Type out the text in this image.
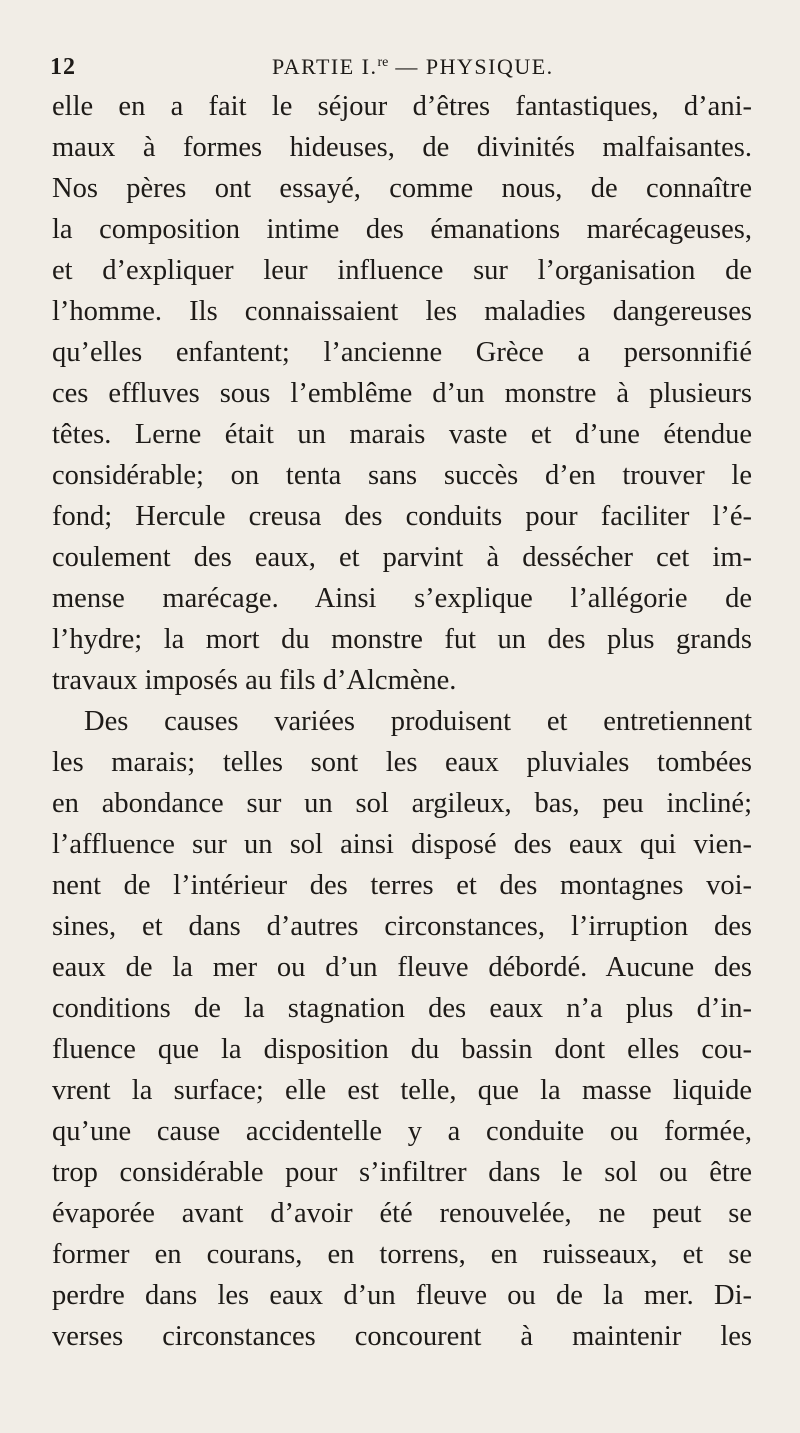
12	PARTIE I.$^{re}$ — PHYSIQUE.
elle en a fait le séjour d’êtres fantastiques, d’ani-
maux à formes hideuses, de divinités malfaisantes.
Nos pères ont essayé, comme nous, de connaître
la composition intime des émanations marécageuses,
et d’expliquer leur influence sur l’organisation de
l’homme. Ils connaissaient les maladies dangereuses
qu’elles enfantent; l’ancienne Grèce a personnifié
ces effluves sous l’emblême d’un monstre à plusieurs
têtes. Lerne était un marais vaste et d’une étendue
considérable; on tenta sans succès d’en trouver le
fond; Hercule creusa des conduits pour faciliter l’é-
coulement des eaux, et parvint à dessécher cet im-
mense marécage. Ainsi s’explique l’allégorie de
l’hydre; la mort du monstre fut un des plus grands
travaux imposés au fils d’Alcmène.
Des causes variées produisent et entretiennent
les marais; telles sont les eaux pluviales tombées
en abondance sur un sol argileux, bas, peu incliné;
l’affluence sur un sol ainsi disposé des eaux qui vien-
nent de l’intérieur des terres et des montagnes voi-
sines, et dans d’autres circonstances, l’irruption des
eaux de la mer ou d’un fleuve débordé. Aucune des
conditions de la stagnation des eaux n’a plus d’in-
fluence que la disposition du bassin dont elles cou-
vrent la surface; elle est telle, que la masse liquide
qu’une cause accidentelle y a conduite ou formée,
trop considérable pour s’infiltrer dans le sol ou être
évaporée avant d’avoir été renouvelée, ne peut se
former en courans, en torrens, en ruisseaux, et se
perdre dans les eaux d’un fleuve ou de la mer. Di-
verses circonstances concourent à maintenir les
